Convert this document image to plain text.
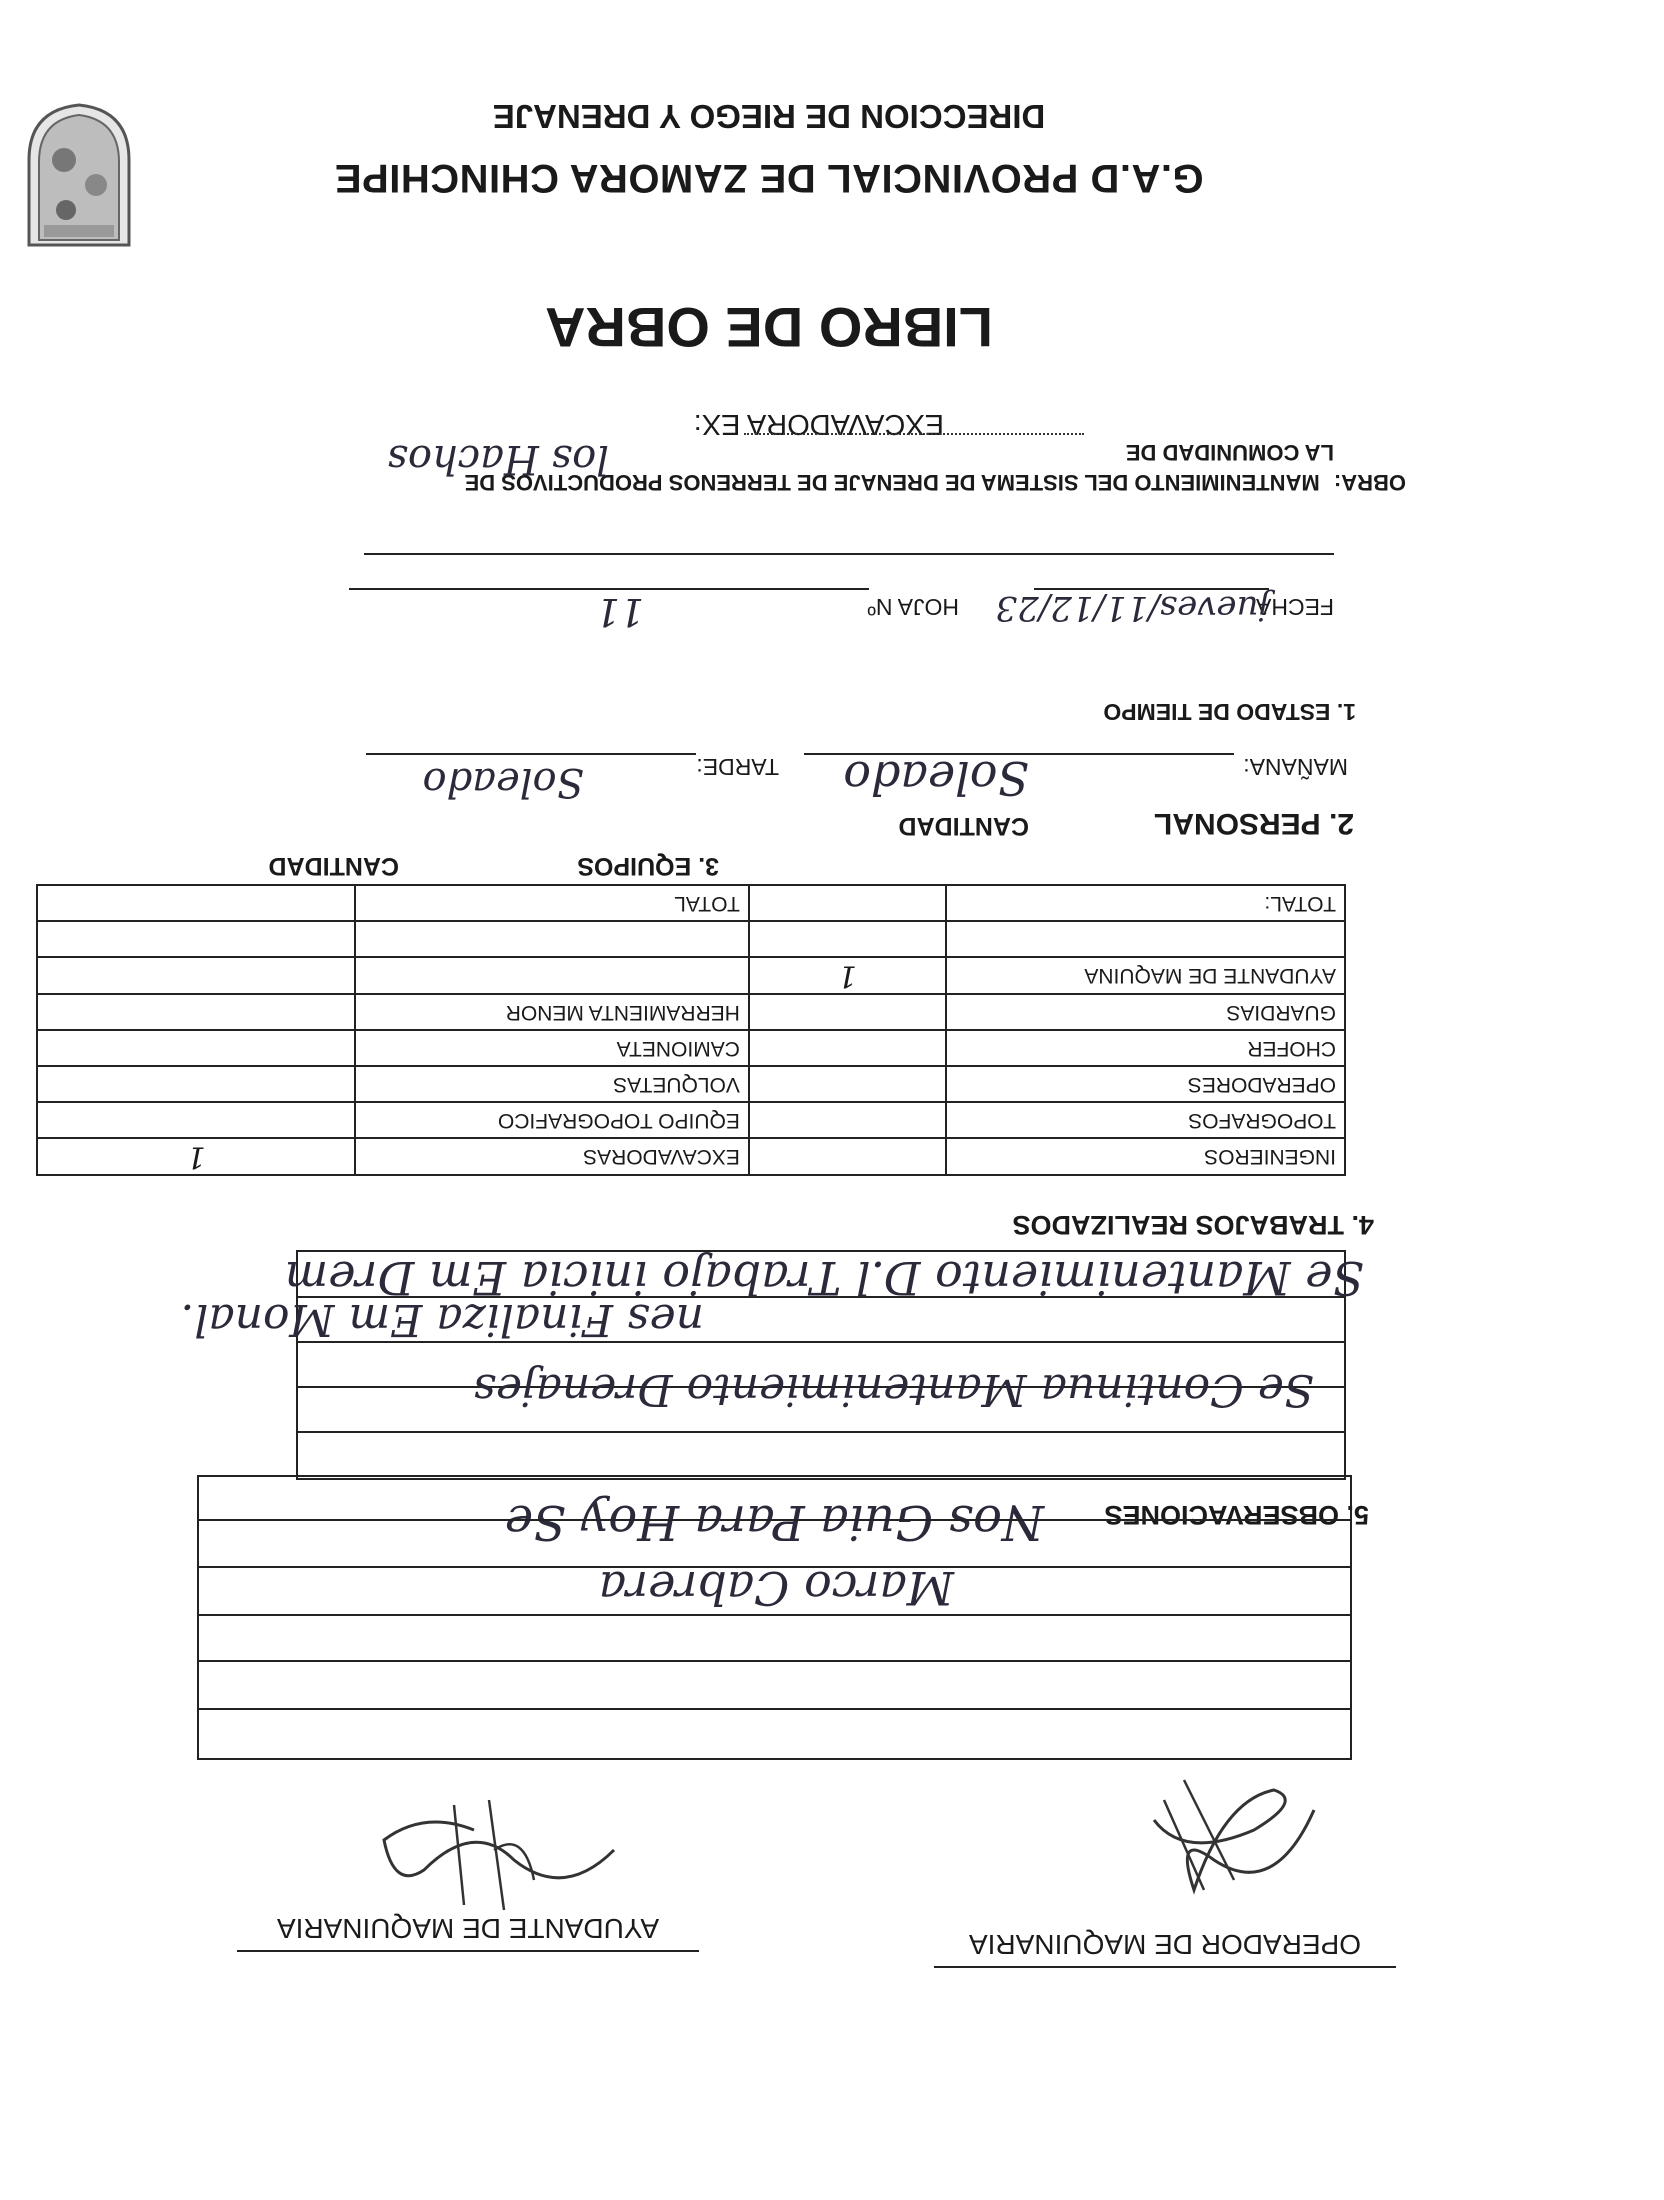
G.A.D PROVINCIAL DE ZAMORA CHINCHIPE
DIRECCION DE RIEGO Y DRENAJE
LIBRO DE OBRA
EXCAVADORA EX:
OBRA: MANTENIMIENTO DEL SISTEMA DE DRENAJE DE TERRENOS PRODUCTIVOS DE
LA COMUNIDAD DE
los Hachos
FECHA
jueves/11/12/23
HOJA Nº
11
1. ESTADO DE TIEMPO
MAÑANA:
Soleado
TARDE:
Soleado
2. PERSONAL
CANTIDAD
3. EQUIPOS
CANTIDAD
INGENIEROS		EXCAVADORAS	1
TOPOGRAFOS		EQUIPO TOPOGRAFICO	
OPERADORES		VOLQUETAS	
CHOFER		CAMIONETA	
GUARDIAS		HERRAMIENTA MENOR	
AYUDANTE DE MAQUINA	1		

TOTAL:		TOTAL	
4. TRABAJOS REALIZADOS
Se Mantenimiento D.l Trabajo inicia Em Drem
nes Finaliza Em Monal.
Se Continua Mantenimiento Drenajes
5. OBSERVACIONES
Nos Guia Para Hoy Se
Marco Cabrera
OPERADOR DE MAQUINARIA
AYUDANTE DE MAQUINARIA
